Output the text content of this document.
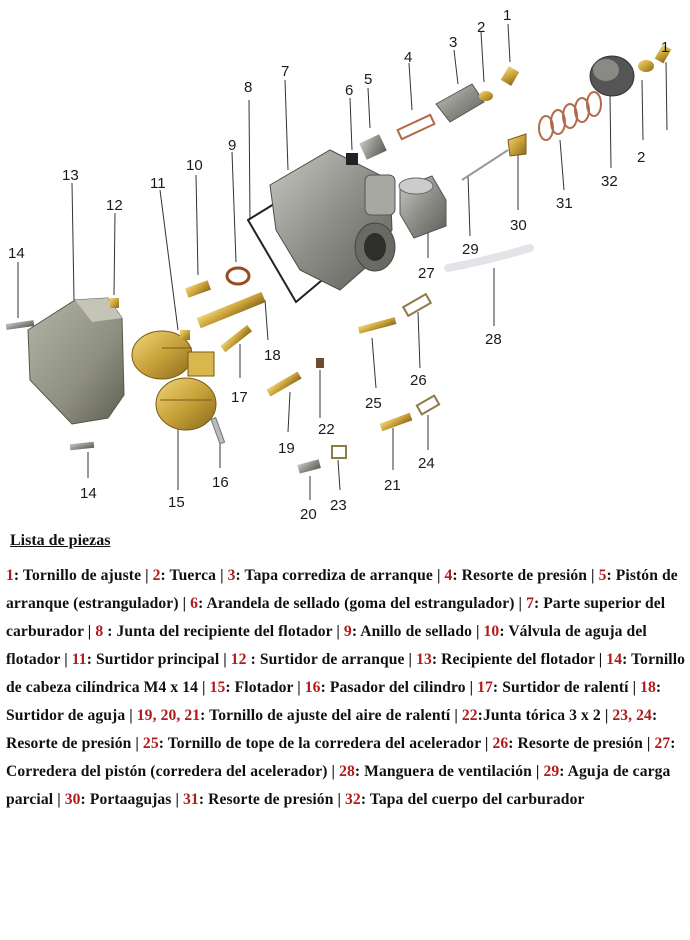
1
2
3
4
5
6
7
8
9
10
11
12
13
14
14
15
16
17
18
19
20
21
22
23
24
25
26
27
28
29
30
31
32
1
2
Lista de piezas
1: Tornillo de ajuste | 2: Tuerca | 3: Tapa corrediza de arranque | 4: Resorte de presión | 5: Pistón de arranque (estrangulador) | 6: Arandela de sellado (goma del estrangulador) | 7: Parte superior del carburador | 8 : Junta del recipiente del flotador | 9: Anillo de sellado | 10: Válvula de aguja del flotador | 11: Surtidor principal | 12 : Surtidor de arranque | 13: Recipiente del flotador | 14: Tornillo de cabeza cilíndrica M4 x 14 | 15: Flotador | 16: Pasador del cilindro | 17: Surtidor de ralentí | 18: Surtidor de aguja | 19, 20, 21: Tornillo de ajuste del aire de ralentí | 22:Junta tórica 3 x 2 | 23, 24: Resorte de presión | 25: Tornillo de tope de la corredera del acelerador | 26: Resorte de presión | 27: Corredera del pistón (corredera del acelerador) | 28: Manguera de ventilación | 29: Aguja de carga parcial | 30: Portaagujas | 31: Resorte de presión | 32: Tapa del cuerpo del carburador
